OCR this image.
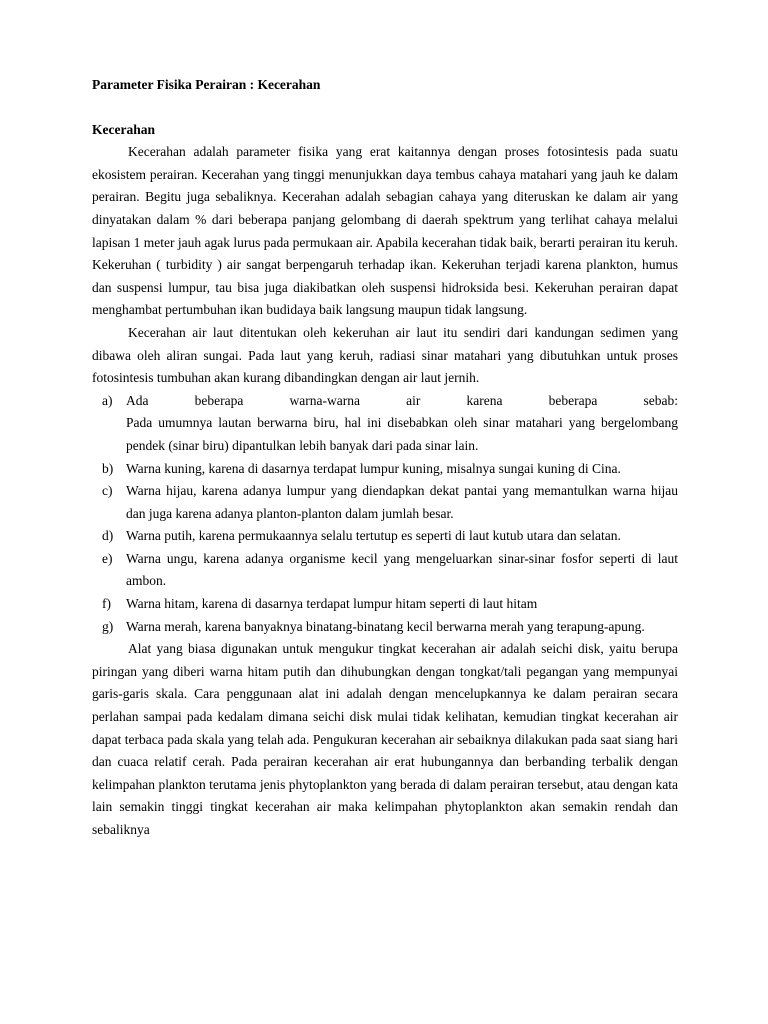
Parameter Fisika Perairan : Kecerahan

Kecerahan

Kecerahan adalah parameter fisika yang erat kaitannya dengan proses fotosintesis pada suatu ekosistem perairan. Kecerahan yang tinggi menunjukkan daya tembus cahaya matahari yang jauh ke dalam perairan. Begitu juga sebaliknya. Kecerahan adalah sebagian cahaya yang diteruskan ke dalam air yang dinyatakan dalam % dari beberapa panjang gelombang di daerah spektrum yang terlihat cahaya melalui lapisan 1 meter jauh agak lurus pada permukaan air. Apabila kecerahan tidak baik, berarti perairan itu keruh. Kekeruhan ( turbidity ) air sangat berpengaruh terhadap ikan. Kekeruhan terjadi karena plankton, humus dan suspensi lumpur, tau bisa juga diakibatkan oleh suspensi hidroksida besi. Kekeruhan perairan dapat menghambat pertumbuhan ikan budidaya baik langsung maupun tidak langsung.

Kecerahan air laut ditentukan oleh kekeruhan air laut itu sendiri dari kandungan sedimen yang dibawa oleh aliran sungai. Pada laut yang keruh, radiasi sinar matahari yang dibutuhkan untuk proses fotosintesis tumbuhan akan kurang dibandingkan dengan air laut jernih.

a) Ada	beberapa	warna-warna	air	karena	beberapa	sebab:
Pada umumnya lautan berwarna biru, hal ini disebabkan oleh sinar matahari yang bergelombang pendek (sinar biru) dipantulkan lebih banyak dari pada sinar lain.
b) Warna kuning, karena di dasarnya terdapat lumpur kuning, misalnya sungai kuning di Cina.
c) Warna hijau, karena adanya lumpur yang diendapkan dekat pantai yang memantulkan warna hijau dan juga karena adanya planton-planton dalam jumlah besar.
d) Warna putih, karena permukaannya selalu tertutup es seperti di laut kutub utara dan selatan.
e) Warna ungu, karena adanya organisme kecil yang mengeluarkan sinar-sinar fosfor seperti di laut ambon.
f) Warna hitam, karena di dasarnya terdapat lumpur hitam seperti di laut hitam
g) Warna merah, karena banyaknya binatang-binatang kecil berwarna merah yang terapung-apung.

Alat yang biasa digunakan untuk mengukur tingkat kecerahan air adalah seichi disk, yaitu berupa piringan yang diberi warna hitam putih dan dihubungkan dengan tongkat/tali pegangan yang mempunyai garis-garis skala. Cara penggunaan alat ini adalah dengan mencelupkannya ke dalam perairan secara perlahan sampai pada kedalam dimana seichi disk mulai tidak kelihatan, kemudian tingkat kecerahan air dapat terbaca pada skala yang telah ada. Pengukuran kecerahan air sebaiknya dilakukan pada saat siang hari dan cuaca relatif cerah. Pada perairan kecerahan air erat hubungannya dan berbanding terbalik dengan kelimpahan plankton terutama jenis phytoplankton yang berada di dalam perairan tersebut, atau dengan kata lain semakin tinggi tingkat kecerahan air maka kelimpahan phytoplankton akan semakin rendah dan sebaliknya
